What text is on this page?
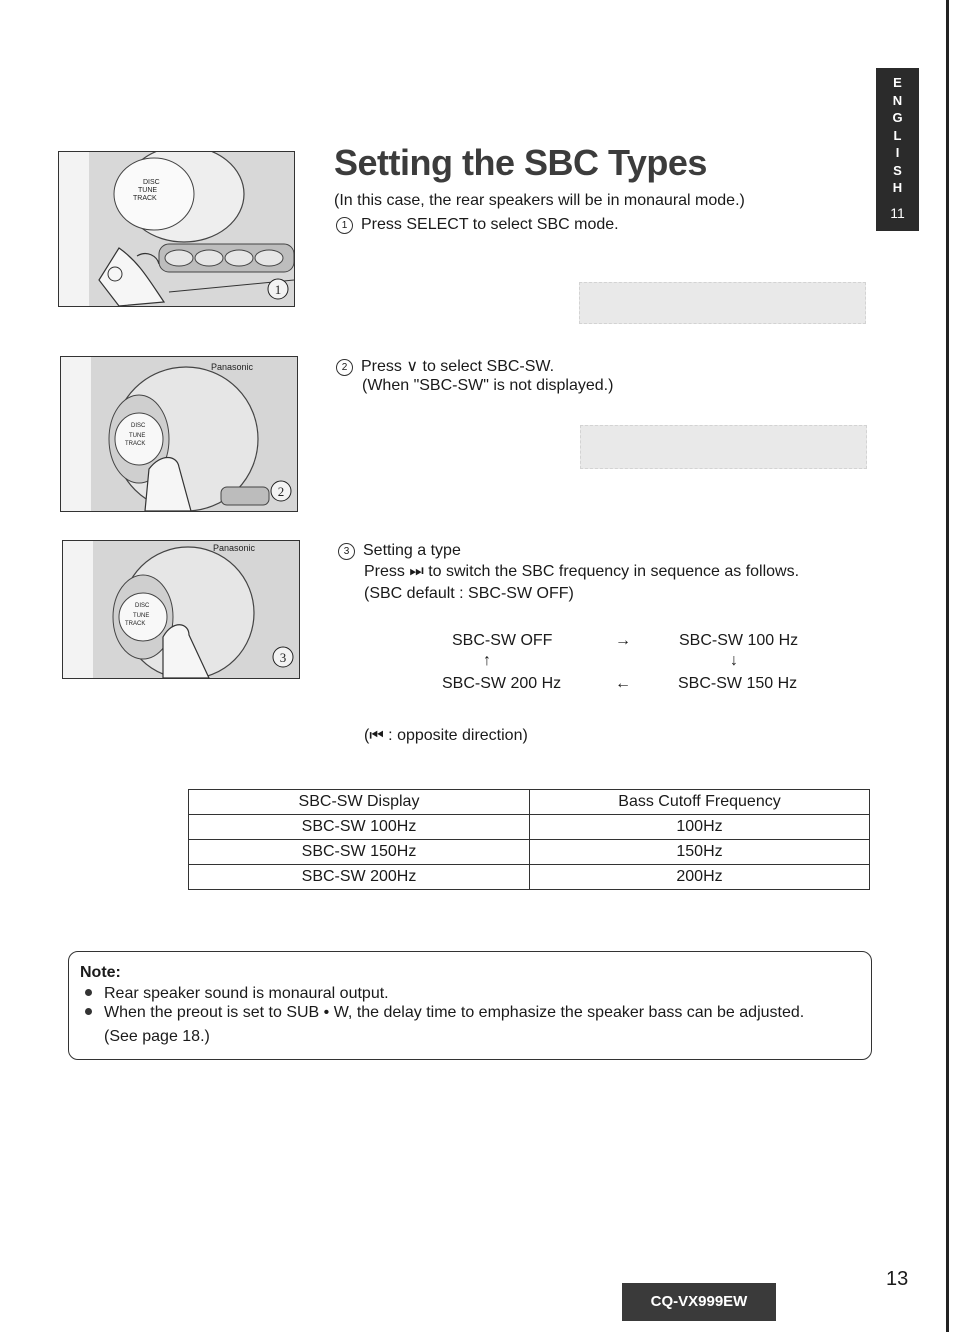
E
N
G
L
I
S
H
11
DISC
TUNE
TRACK
1
Panasonic
DISC
TUNE
TRACK
2
Panasonic
DISC
TUNE
TRACK
3
Setting the SBC Types
(In this case, the rear speakers will be in monaural mode.)
1 Press SELECT to select SBC mode.
2 Press ∨ to select SBC-SW.
(When "SBC-SW" is not displayed.)
3 Setting a type
Press ⏭ to switch the SBC frequency in sequence as follows.
(SBC default : SBC-SW OFF)
SBC-SW OFF	→	SBC-SW 100 Hz
↑	↓
SBC-SW 200 Hz	←	SBC-SW 150 Hz
(⏮ : opposite direction)
SBC-SW Display	Bass Cutoff Frequency
SBC-SW 100Hz	100Hz
SBC-SW 150Hz	150Hz
SBC-SW 200Hz	200Hz
Note:
Rear speaker sound is monaural output.
When the preout is set to SUB • W, the delay time to emphasize the speaker bass can be adjusted.
(See page 18.)
CQ-VX999EW
13
